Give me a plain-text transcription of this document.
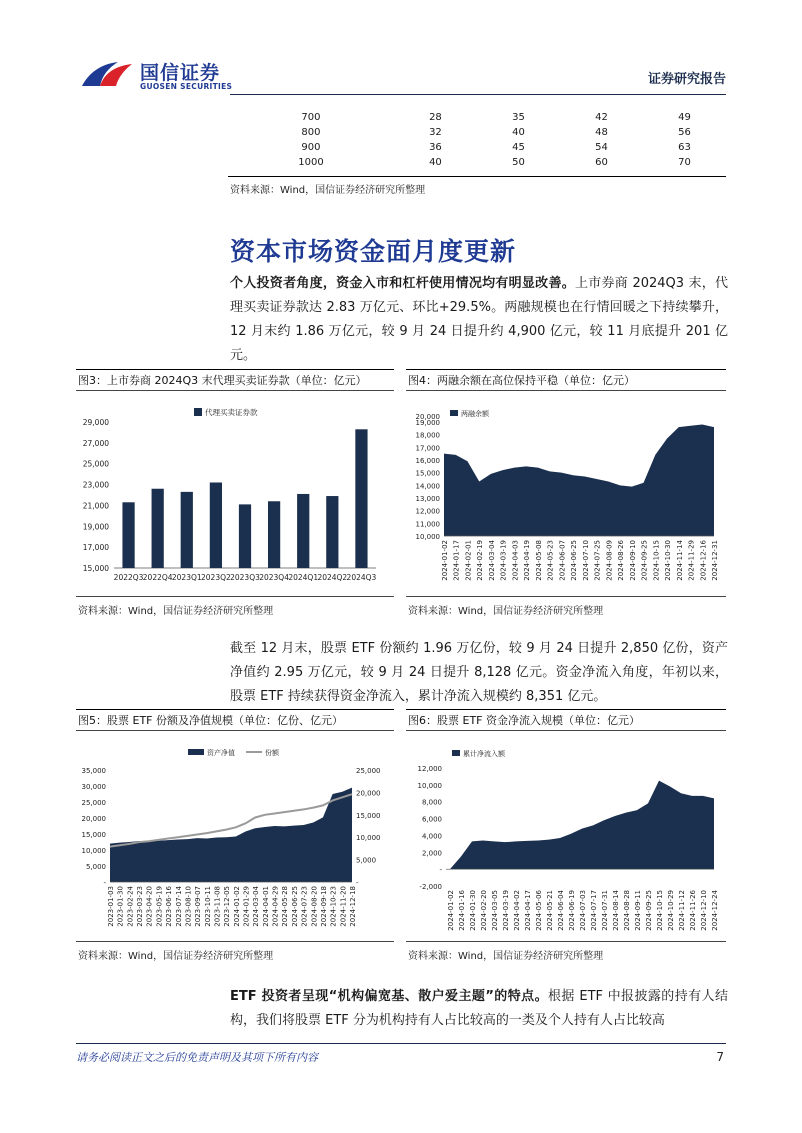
国信证券
GUOSEN SECURITIES	证券研究报告
700	28	35	42	49
800	32	40	48	56
900	36	45	54	63
1000	40	50	60	70
资料来源：Wind，国信证券经济研究所整理
资本市场资金面月度更新
个人投资者角度，资金入市和杠杆使用情况均有明显改善。上市券商 2024Q3 末，代理买卖证券款达 2.83 万亿元、环比+29.5%。两融规模也在行情回暖之下持续攀升，12 月末约 1.86 万亿元，较 9 月 24 日提升约 4,900 亿元，较 11 月底提升 201 亿元。
图3：上市券商 2024Q3 末代理买卖证券款（单位：亿元）	图4：两融余额在高位保持平稳（单位：亿元）
15,000
17,000
19,000
21,000
23,000
25,000
27,000
29,000
代理买卖证券款
2022Q3 2022Q4 2023Q1 2023Q2 2023Q3 2023Q4 2024Q1 2024Q2 2024Q3
10,000
11,000
12,000
13,000
14,000
15,000
16,000
17,000
18,000
19,000
20,000	两融余额
2024-01-02 2024-01-17 2024-02-01 2024-02-19 2024-03-04 2024-03-19 2024-04-03 2024-04-19 2024-05-08 2024-05-23 2024-06-07 2024-06-25 2024-07-10 2024-07-25 2024-08-09 2024-08-26 2024-09-10 2024-09-25 2024-10-15 2024-10-30 2024-11-14 2024-11-29 2024-12-16 2024-12-31
资料来源：Wind，国信证券经济研究所整理	资料来源：Wind，国信证券经济研究所整理
截至 12 月末，股票 ETF 份额约 1.96 万亿份，较 9 月 24 日提升 2,850 亿份，资产净值约 2.95 万亿元，较 9 月 24 日提升 8,128 亿元。资金净流入角度，年初以来，股票 ETF 持续获得资金净流入，累计净流入规模约 8,351 亿元。
图5：股票 ETF 份额及净值规模（单位：亿份、亿元）	图6：股票 ETF 资金净流入规模（单位：亿元）
-
5,000
10,000
15,000
20,000
25,000
30,000
35,000
-
5,000
10,000
15,000
20,000
25,000
资产净值	份额
2023-01-03 2023-01-30 2023-02-24 2023-03-23 2023-04-20 2023-05-19 2023-06-16 2023-07-14 2023-08-10 2023-09-07 2023-10-11 2023-11-08 2023-12-05 2024-01-02 2024-01-29 2024-03-04 2024-04-01 2024-04-29 2024-05-28 2024-06-25 2024-07-23 2024-08-20 2024-09-18 2024-10-23 2024-11-20 2024-12-18	-2,000
-
2,000
4,000
6,000
8,000
10,000
12,000
累计净流入额
2024-01-02 2024-01-16 2024-01-30 2024-02-20 2024-03-05 2024-03-19 2024-04-02 2024-04-17 2024-05-06 2024-05-21 2024-06-04 2024-06-19 2024-07-03 2024-07-17 2024-07-31 2024-08-14 2024-08-28 2024-09-11 2024-09-25 2024-10-15 2024-10-29 2024-11-12 2024-11-26 2024-12-10 2024-12-24
资料来源：Wind，国信证券经济研究所整理	资料来源：Wind，国信证券经济研究所整理
ETF 投资者呈现“机构偏宽基、散户爱主题”的特点。根据 ETF 中报披露的持有人结构，我们将股票 ETF 分为机构持有人占比较高的一类及个人持有人占比较高
请务必阅读正文之后的免责声明及其项下所有内容	7
